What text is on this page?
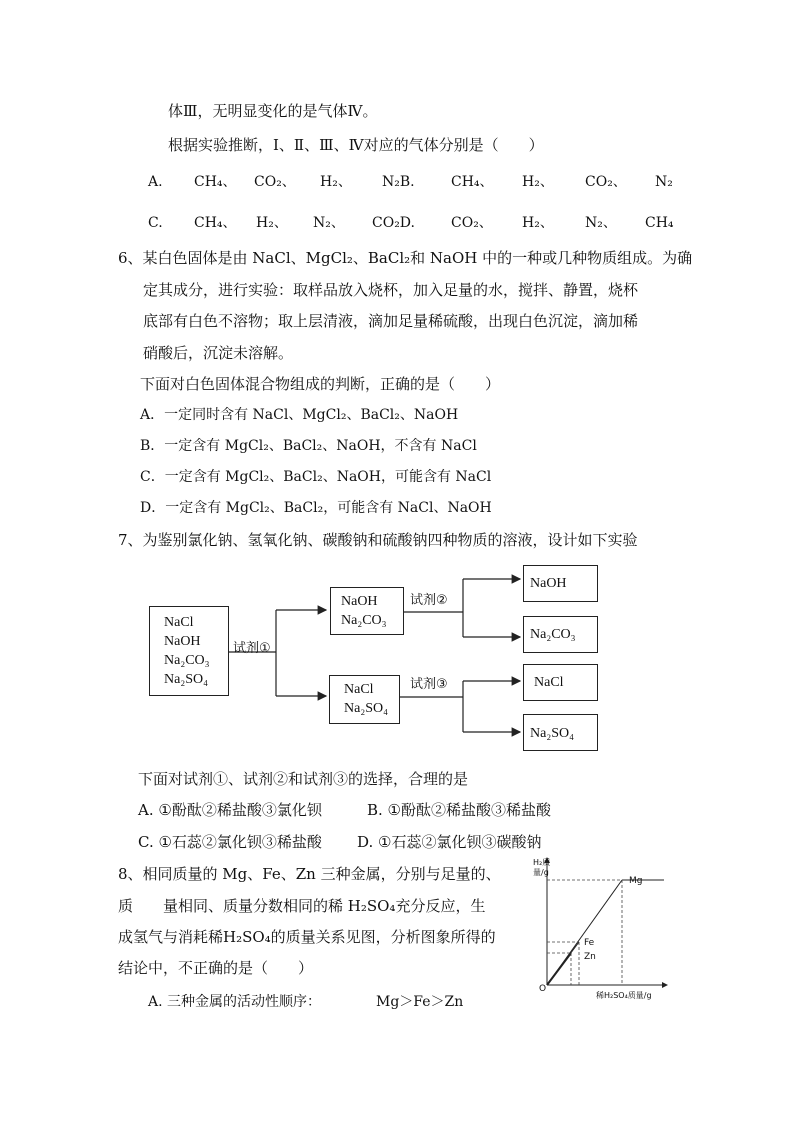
体Ⅲ，无明显变化的是气体Ⅳ。
根据实验推断，Ⅰ、Ⅱ、Ⅲ、Ⅳ对应的气体分别是（　　）
A. CH₄、 CO₂、 H₂、 N₂B.	CH₄、 H₂、 CO₂、 N₂
C. CH₄、 H₂、 N₂、 CO₂D.	CO₂、 H₂、 N₂、 CH₄
6、某白色固体是由 NaCl、MgCl₂、BaCl₂和 NaOH 中的一种或几种物质组成。为确
定其成分，进行实验：取样品放入烧杯，加入足量的水，搅拌、静置，烧杯
底部有白色不溶物；取上层清液，滴加足量稀硫酸，出现白色沉淀，滴加稀
硝酸后，沉淀未溶解。
下面对白色固体混合物组成的判断，正确的是（　　）
A．一定同时含有 NaCl、MgCl₂、BaCl₂、NaOH
B．一定含有 MgCl₂、BaCl₂、NaOH，不含有 NaCl
C．一定含有 MgCl₂、BaCl₂、NaOH，可能含有 NaCl
D．一定含有 MgCl₂、BaCl₂，可能含有 NaCl、NaOH
7、为鉴别氯化钠、氢氧化钠、碳酸钠和硫酸钠四种物质的溶液，设计如下实验
NaCl
NaOH
Na₂CO₃
Na₂SO₄
试剂①
NaOH
Na₂CO₃
NaCl
Na₂SO₄
试剂②
试剂③
NaOH
Na₂CO₃
NaCl
Na₂SO₄
下面对试剂①、试剂②和试剂③的选择，合理的是
A. ①酚酞②稀盐酸③氯化钡	B. ①酚酞②稀盐酸③稀盐酸
C. ①石蕊②氯化钡③稀盐酸 D. ①石蕊②氯化钡③碳酸钠
8、相同质量的 Mg、Fe、Zn 三种金属，分别与足量的、
质　　量相同、质量分数相同的稀 H₂SO₄充分反应，生
成氢气与消耗稀H₂SO₄的质量关系见图，分析图象所得的
结论中，不正确的是（　　）
A. 三种金属的活动性顺序：	Mg＞Fe＞Zn
H₂质量/g
稀H₂SO₄质量/g
O
Mg
Fe
Zn
